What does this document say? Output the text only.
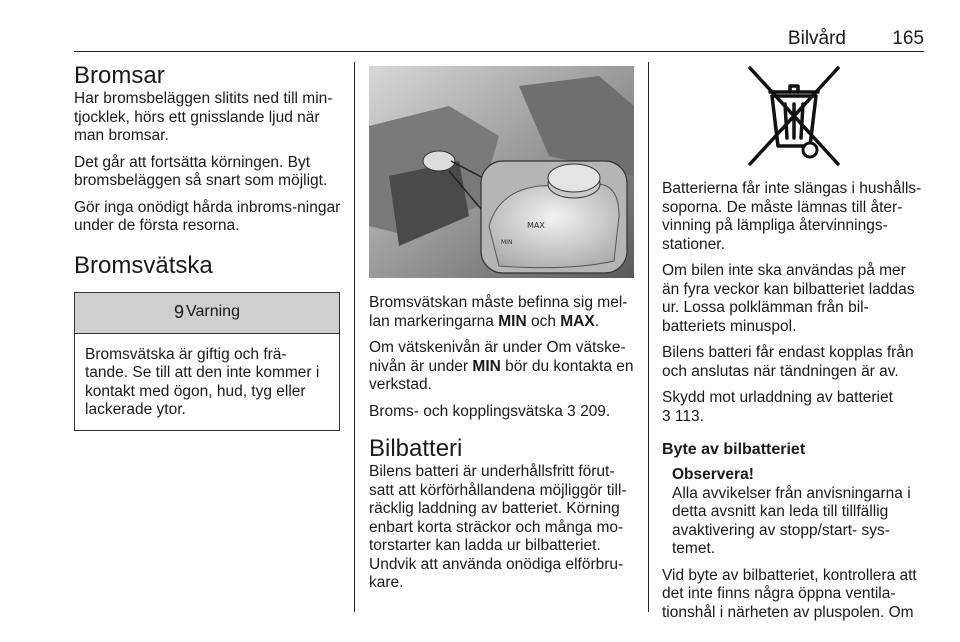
Bilvård 165
Bromsar

Har bromsbeläggen slitits ned till min-tjocklek, hörs ett gnisslande ljud när man bromsar.

Det går att fortsätta körningen. Byt bromsbeläggen så snart som möjligt.

Gör inga onödigt hårda inbroms-ningar under de första resorna.

Bromsvätska
9 Varning
Bromsvätska är giftig och frä-tande. Se till att den inte kommer i kontakt med ögon, hud, tyg eller lackerade ytor.
MAX
MIN

Bromsvätskan måste befinna sig mel-lan markeringarna MIN och MAX.

Om vätskenivån är under Om vätske-nivån är under MIN bör du kontakta en verkstad.

Broms- och kopplingsvätska 3 209.

Bilbatteri

Bilens batteri är underhållsfritt förut-satt att körförhållandena möjliggör till-räcklig laddning av batteriet. Körning enbart korta sträckor och många mo-torstarter kan ladda ur bilbatteriet. Undvik att använda onödiga elförbru-kare.

Batterierna får inte slängas i hushålls-soporna. De måste lämnas till åter-vinning på lämpliga återvinnings-stationer.

Om bilen inte ska användas på mer än fyra veckor kan bilbatteriet laddas ur. Lossa polklämman från bil-batteriets minuspol.

Bilens batteri får endast kopplas från och anslutas när tändningen är av.

Skydd mot urladdning av batteriet
3 113.

Byte av bilbatteriet
Observera!

Alla avvikelser från anvisningarna i detta avsnitt kan leda till tillfällig avaktivering av stopp/start- sys-temet.

Vid byte av bilbatteriet, kontrollera att det inte finns några öppna ventila-tionshål i närheten av pluspolen. Om
